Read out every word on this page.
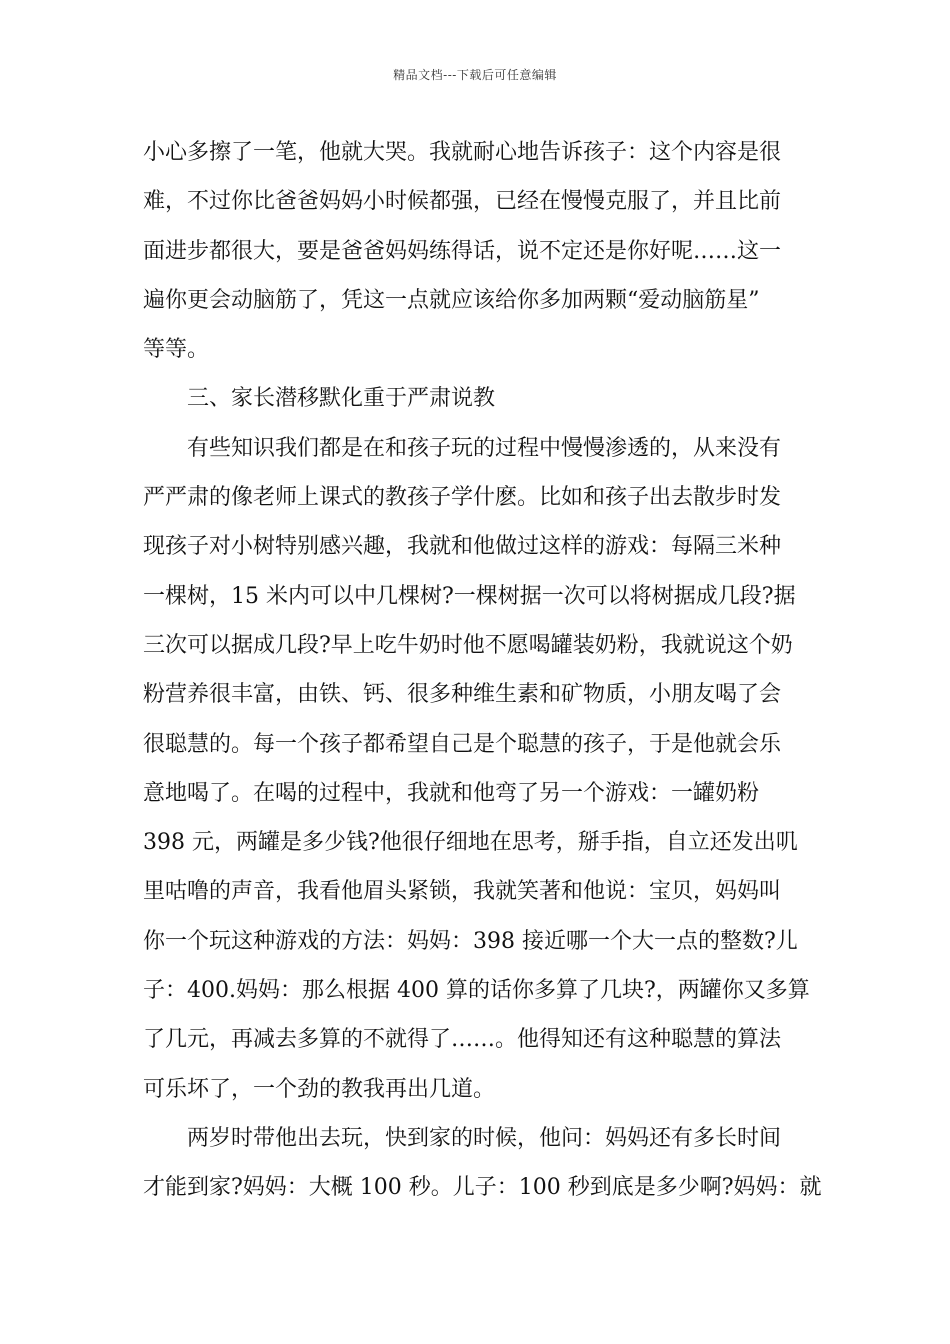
精品文档---下载后可任意编辑
小心多擦了一笔，他就大哭。我就耐心地告诉孩子：这个内容是很
难，不过你比爸爸妈妈小时候都强，已经在慢慢克服了，并且比前
面进步都很大，要是爸爸妈妈练得话，说不定还是你好呢……这一
遍你更会动脑筋了，凭这一点就应该给你多加两颗“爱动脑筋星”
等等。
三、家长潜移默化重于严肃说教
有些知识我们都是在和孩子玩的过程中慢慢渗透的，从来没有
严严肃的像老师上课式的教孩子学什麽。比如和孩子出去散步时发
现孩子对小树特别感兴趣，我就和他做过这样的游戏：每隔三米种
一棵树，15 米内可以中几棵树?一棵树据一次可以将树据成几段?据
三次可以据成几段?早上吃牛奶时他不愿喝罐装奶粉，我就说这个奶
粉营养很丰富，由铁、钙、很多种维生素和矿物质，小朋友喝了会
很聪慧的。每一个孩子都希望自己是个聪慧的孩子，于是他就会乐
意地喝了。在喝的过程中，我就和他弯了另一个游戏：一罐奶粉
398 元，两罐是多少钱?他很仔细地在思考，掰手指，自立还发出叽
里咕噜的声音，我看他眉头紧锁，我就笑著和他说：宝贝，妈妈叫
你一个玩这种游戏的方法：妈妈：398 接近哪一个大一点的整数?儿
子：400.妈妈：那么根据 400 算的话你多算了几块?，两罐你又多算
了几元，再减去多算的不就得了……。他得知还有这种聪慧的算法
可乐坏了，一个劲的教我再出几道。
两岁时带他出去玩，快到家的时候，他问：妈妈还有多长时间
才能到家?妈妈：大概 100 秒。儿子：100 秒到底是多少啊?妈妈：就
